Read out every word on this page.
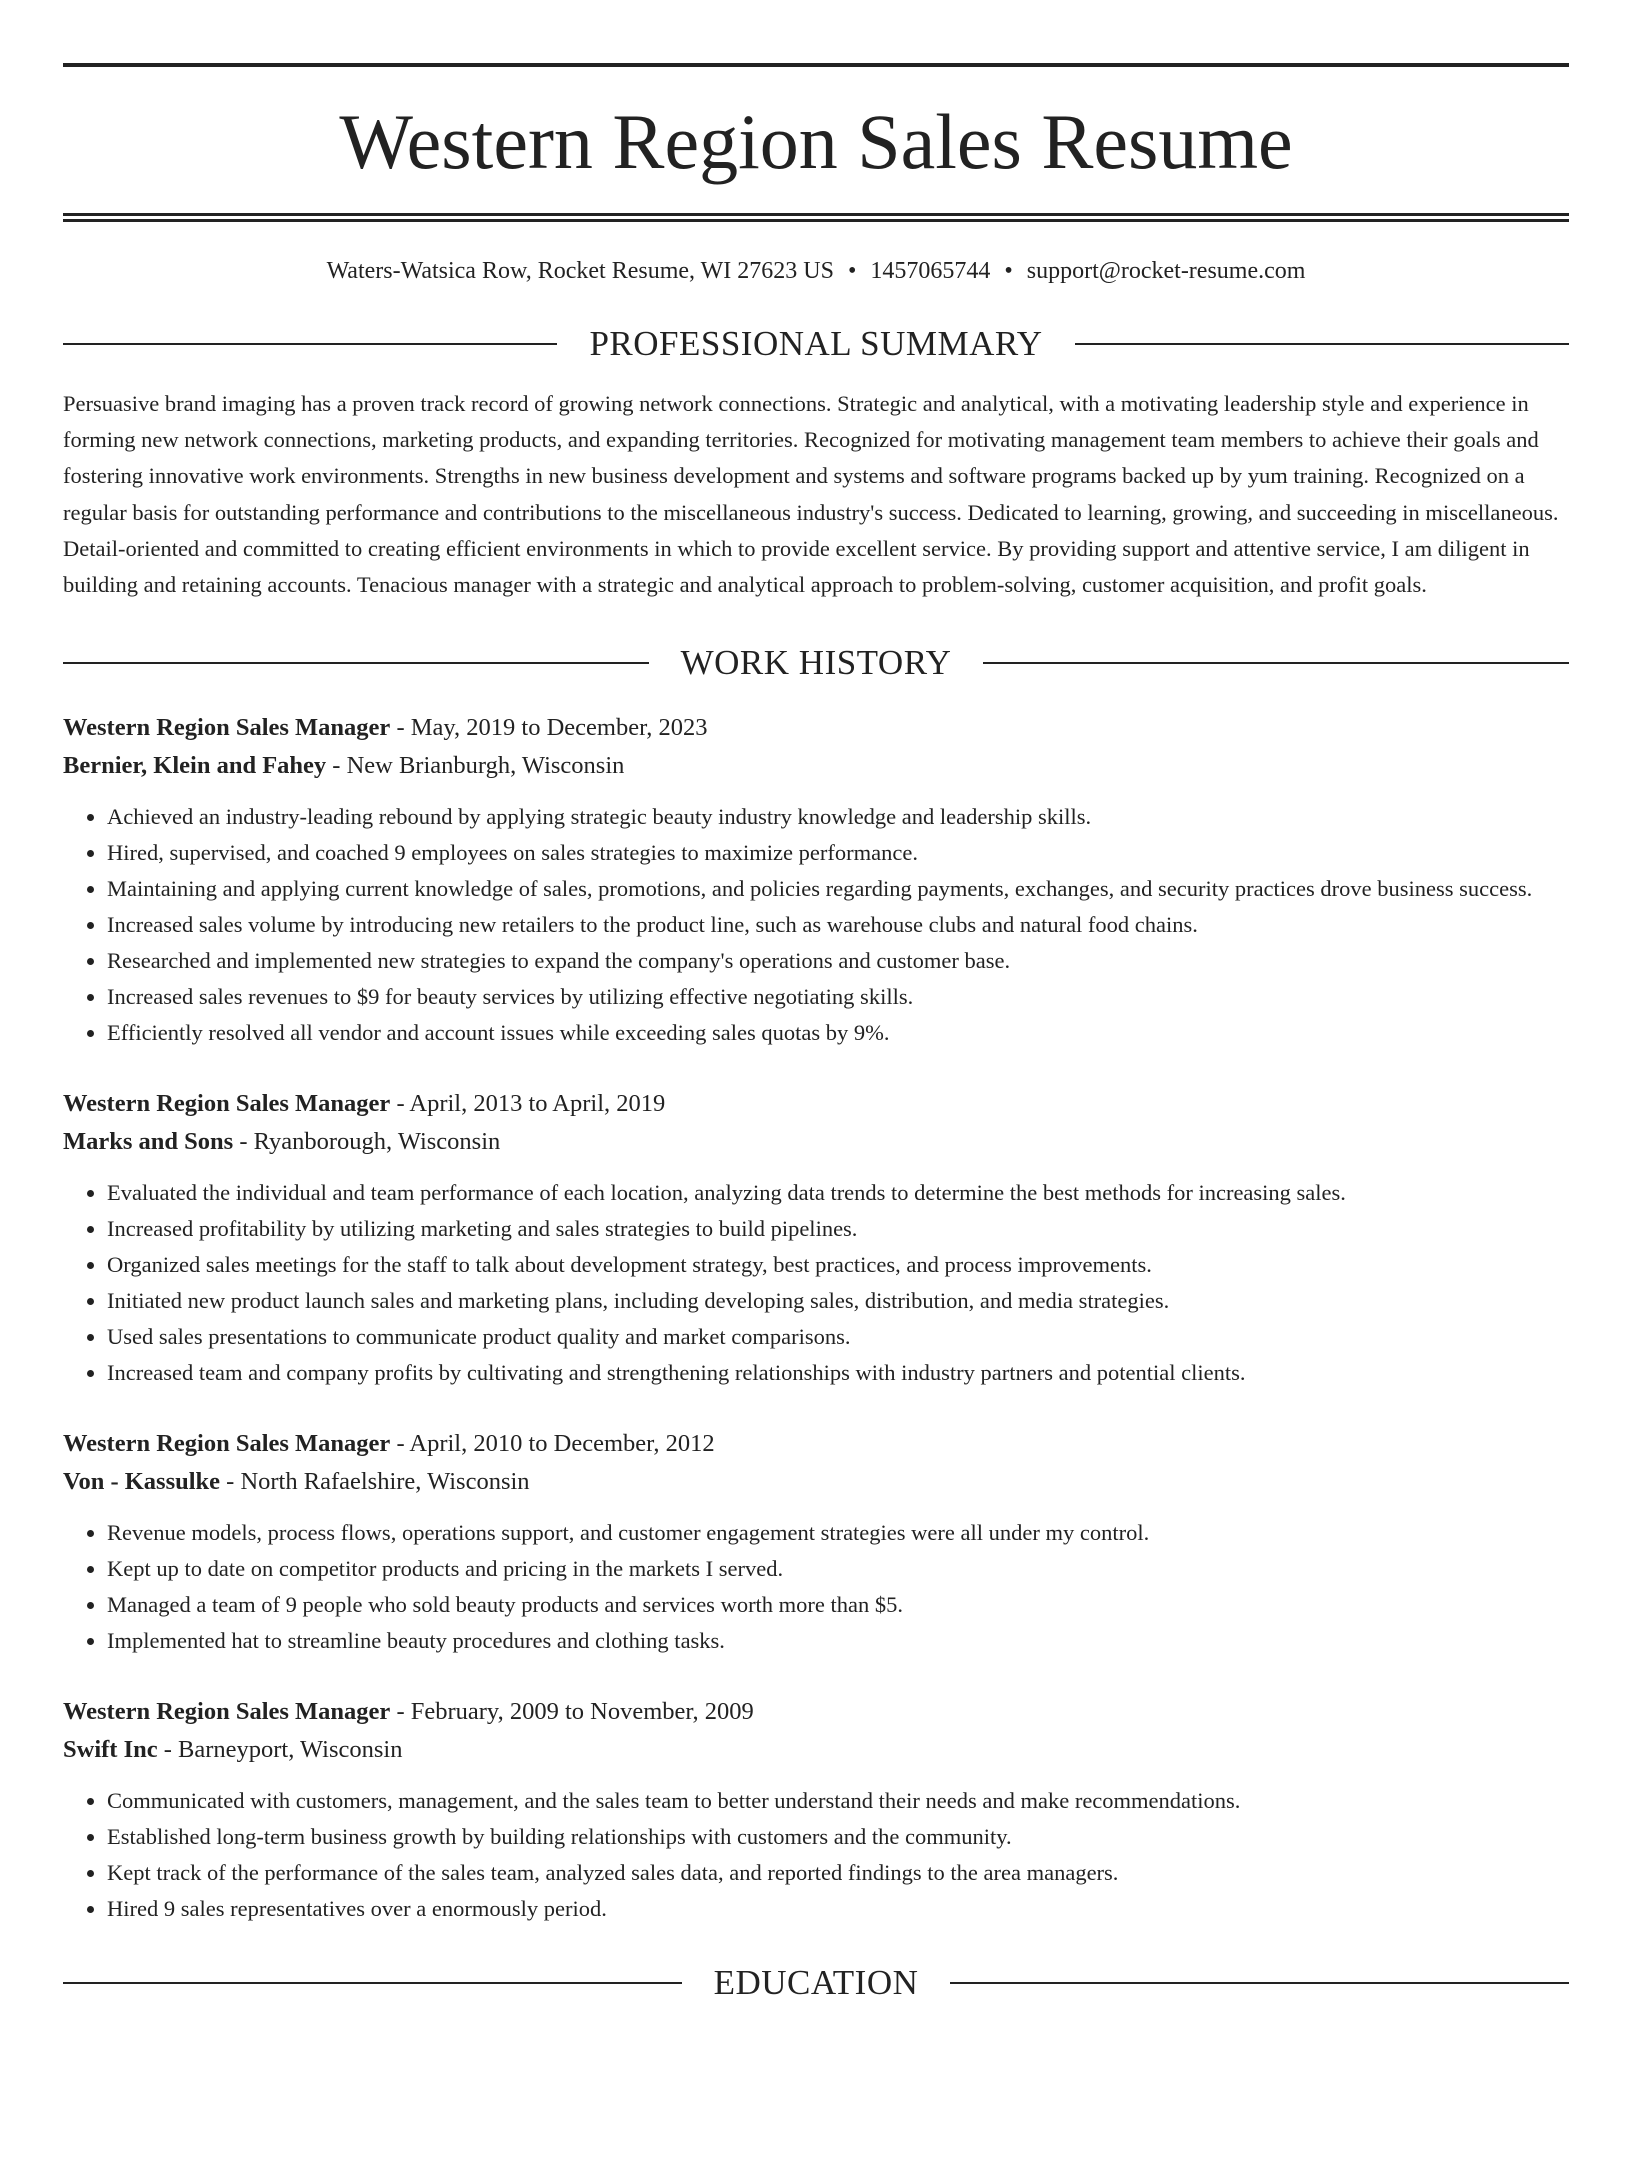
Western Region Sales Resume
Waters-Watsica Row, Rocket Resume, WI 27623 US • 1457065744 • support@rocket-resume.com
PROFESSIONAL SUMMARY

Persuasive brand imaging has a proven track record of growing network connections. Strategic and analytical, with a motivating leadership style and experience in forming new network connections, marketing products, and expanding territories. Recognized for motivating management team members to achieve their goals and fostering innovative work environments. Strengths in new business development and systems and software programs backed up by yum training. Recognized on a regular basis for outstanding performance and contributions to the miscellaneous industry's success. Dedicated to learning, growing, and succeeding in miscellaneous. Detail-oriented and committed to creating efficient environments in which to provide excellent service. By providing support and attentive service, I am diligent in building and retaining accounts. Tenacious manager with a strategic and analytical approach to problem-solving, customer acquisition, and profit goals.

WORK HISTORY
Western Region Sales Manager - May, 2019 to December, 2023
Bernier, Klein and Fahey - New Brianburgh, Wisconsin
• Achieved an industry-leading rebound by applying strategic beauty industry knowledge and leadership skills.
• Hired, supervised, and coached 9 employees on sales strategies to maximize performance.
• Maintaining and applying current knowledge of sales, promotions, and policies regarding payments, exchanges, and security practices drove business success.
• Increased sales volume by introducing new retailers to the product line, such as warehouse clubs and natural food chains.
• Researched and implemented new strategies to expand the company's operations and customer base.
• Increased sales revenues to $9 for beauty services by utilizing effective negotiating skills.
• Efficiently resolved all vendor and account issues while exceeding sales quotas by 9%.
Western Region Sales Manager - April, 2013 to April, 2019
Marks and Sons - Ryanborough, Wisconsin
• Evaluated the individual and team performance of each location, analyzing data trends to determine the best methods for increasing sales.
• Increased profitability by utilizing marketing and sales strategies to build pipelines.
• Organized sales meetings for the staff to talk about development strategy, best practices, and process improvements.
• Initiated new product launch sales and marketing plans, including developing sales, distribution, and media strategies.
• Used sales presentations to communicate product quality and market comparisons.
• Increased team and company profits by cultivating and strengthening relationships with industry partners and potential clients.
Western Region Sales Manager - April, 2010 to December, 2012
Von - Kassulke - North Rafaelshire, Wisconsin
• Revenue models, process flows, operations support, and customer engagement strategies were all under my control.
• Kept up to date on competitor products and pricing in the markets I served.
• Managed a team of 9 people who sold beauty products and services worth more than $5.
• Implemented hat to streamline beauty procedures and clothing tasks.
Western Region Sales Manager - February, 2009 to November, 2009
Swift Inc - Barneyport, Wisconsin
• Communicated with customers, management, and the sales team to better understand their needs and make recommendations.
• Established long-term business growth by building relationships with customers and the community.
• Kept track of the performance of the sales team, analyzed sales data, and reported findings to the area managers.
• Hired 9 sales representatives over a enormously period.
EDUCATION
